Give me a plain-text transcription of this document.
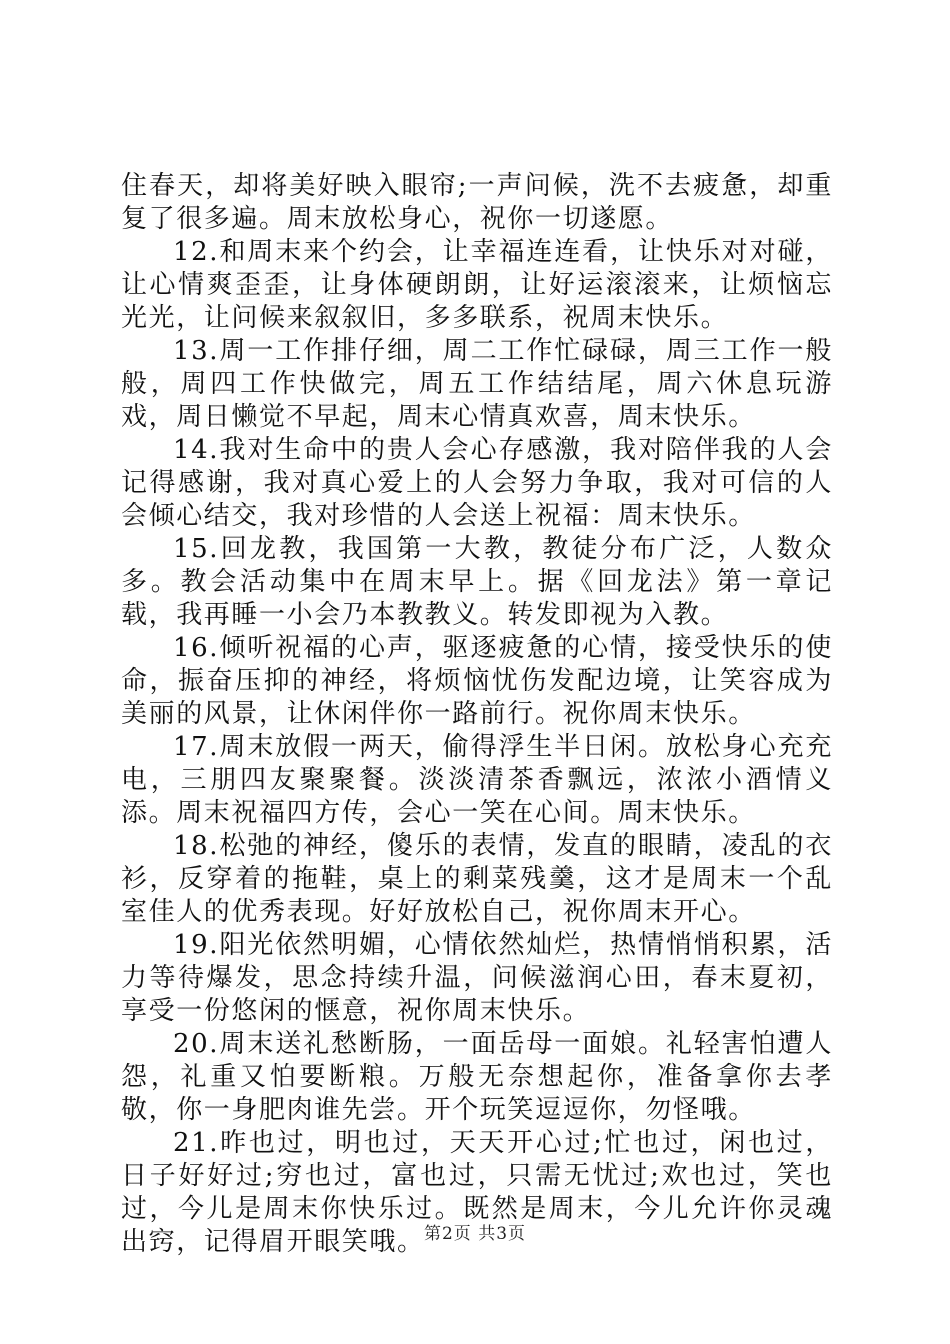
住春天，却将美好映入眼帘;一声问候，洗不去疲惫，却重复了很多遍。周末放松身心，祝你一切遂愿。

12.和周末来个约会，让幸福连连看，让快乐对对碰，让心情爽歪歪，让身体硬朗朗，让好运滚滚来，让烦恼忘光光，让问候来叙叙旧，多多联系，祝周末快乐。

13.周一工作排仔细，周二工作忙碌碌，周三工作一般般，周四工作快做完，周五工作结结尾，周六休息玩游戏，周日懒觉不早起，周末心情真欢喜，周末快乐。

14.我对生命中的贵人会心存感激，我对陪伴我的人会记得感谢，我对真心爱上的人会努力争取，我对可信的人会倾心结交，我对珍惜的人会送上祝福：周末快乐。

15.回龙教，我国第一大教，教徒分布广泛，人数众多。教会活动集中在周末早上。据《回龙法》第一章记载，我再睡一小会乃本教教义。转发即视为入教。

16.倾听祝福的心声，驱逐疲惫的心情，接受快乐的使命，振奋压抑的神经，将烦恼忧伤发配边境，让笑容成为美丽的风景，让休闲伴你一路前行。祝你周末快乐。

17.周末放假一两天，偷得浮生半日闲。放松身心充充电，三朋四友聚聚餐。淡淡清茶香飘远，浓浓小酒情义添。周末祝福四方传，会心一笑在心间。周末快乐。

18.松弛的神经，傻乐的表情，发直的眼睛，凌乱的衣衫，反穿着的拖鞋，桌上的剩菜残羹，这才是周末一个乱室佳人的优秀表现。好好放松自己，祝你周末开心。

19.阳光依然明媚，心情依然灿烂，热情悄悄积累，活力等待爆发，思念持续升温，问候滋润心田，春末夏初，享受一份悠闲的惬意，祝你周末快乐。

20.周末送礼愁断肠，一面岳母一面娘。礼轻害怕遭人怨，礼重又怕要断粮。万般无奈想起你，准备拿你去孝敬，你一身肥肉谁先尝。开个玩笑逗逗你，勿怪哦。

21.昨也过，明也过，天天开心过;忙也过，闲也过，日子好好过;穷也过，富也过，只需无忧过;欢也过，笑也过，今儿是周末你快乐过。既然是周末，今儿允许你灵魂出窍，记得眉开眼笑哦。 第2页 共3页
